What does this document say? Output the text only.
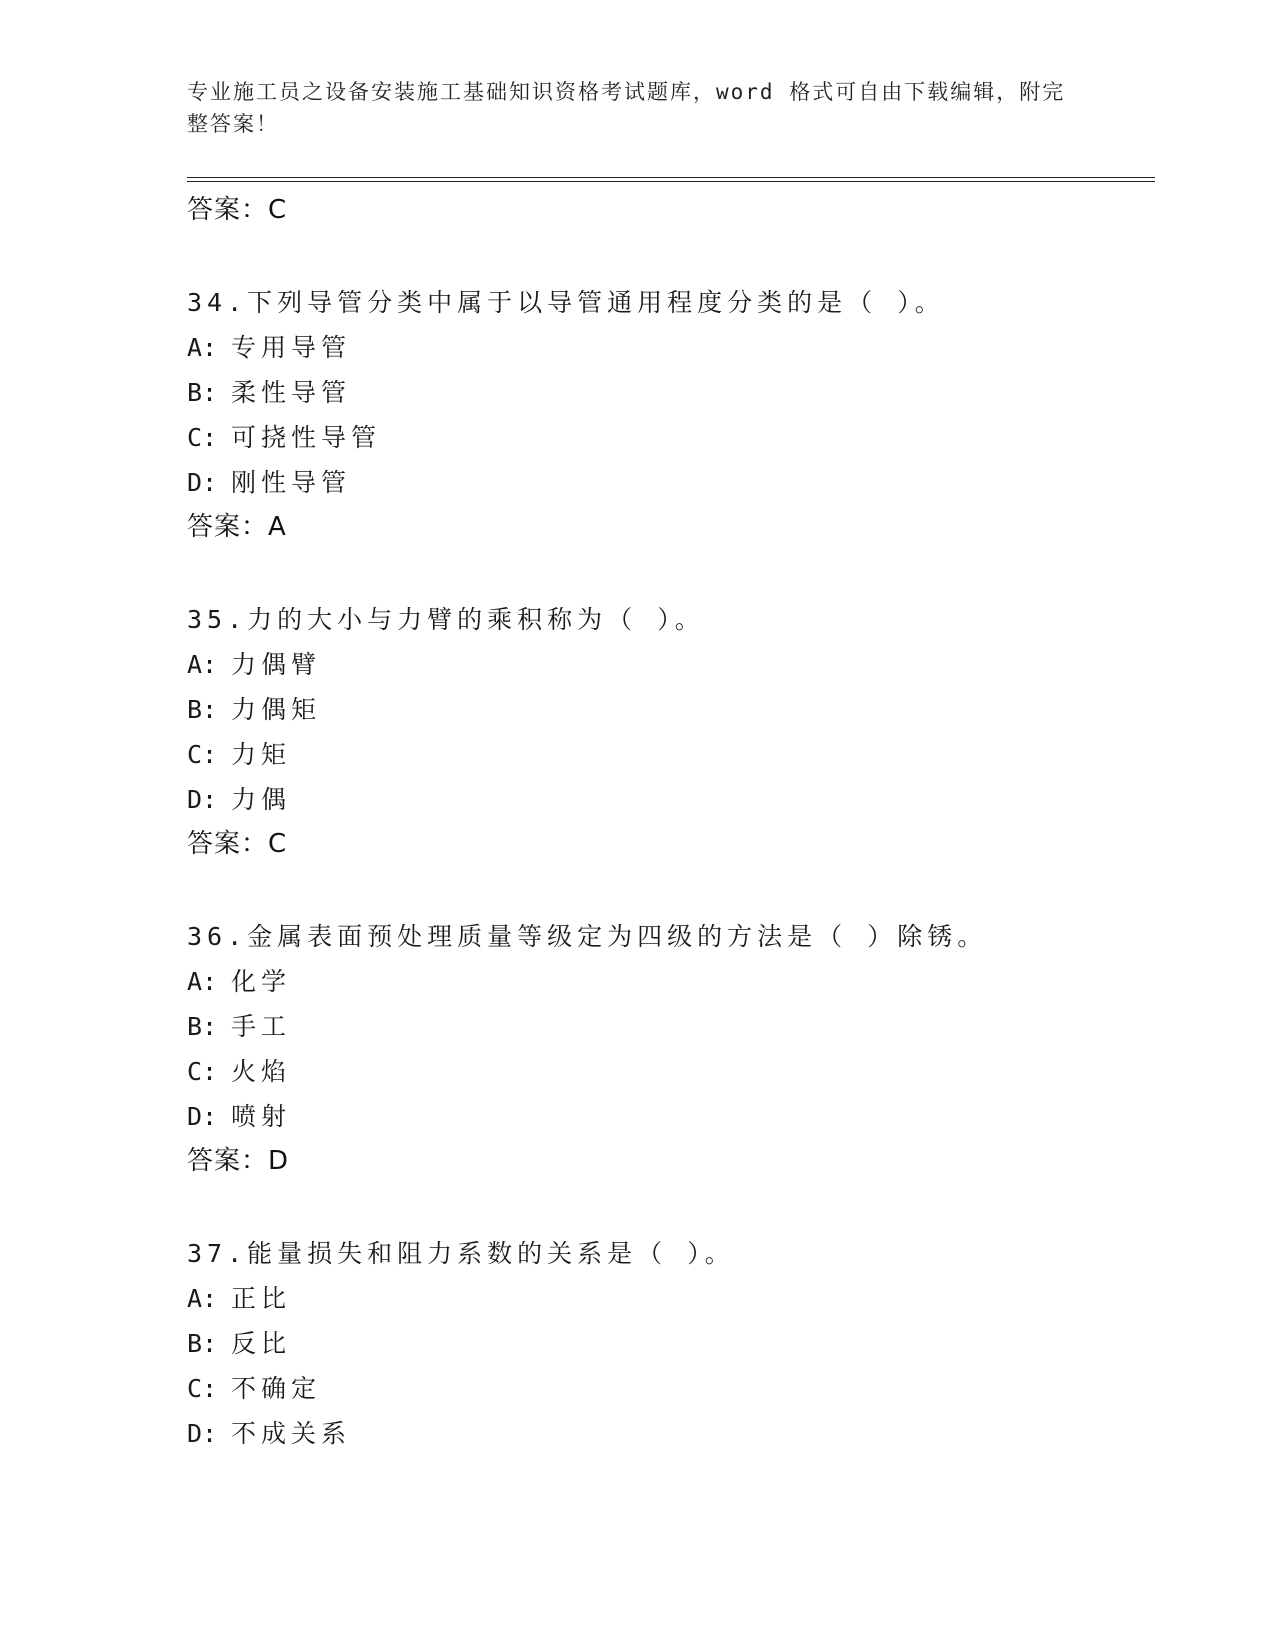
专业施工员之设备安装施工基础知识资格考试题库，word 格式可自由下载编辑，附完整答案！
答案：C
34.下列导管分类中属于以导管通用程度分类的是（ ）。
A: 专用导管
B: 柔性导管
C: 可挠性导管
D: 刚性导管
答案：A
35.力的大小与力臂的乘积称为（ ）。
A: 力偶臂
B: 力偶矩
C: 力矩
D: 力偶
答案：C
36.金属表面预处理质量等级定为四级的方法是（ ）除锈。
A: 化学
B: 手工
C: 火焰
D: 喷射
答案：D
37.能量损失和阻力系数的关系是（ ）。
A: 正比
B: 反比
C: 不确定
D: 不成关系
